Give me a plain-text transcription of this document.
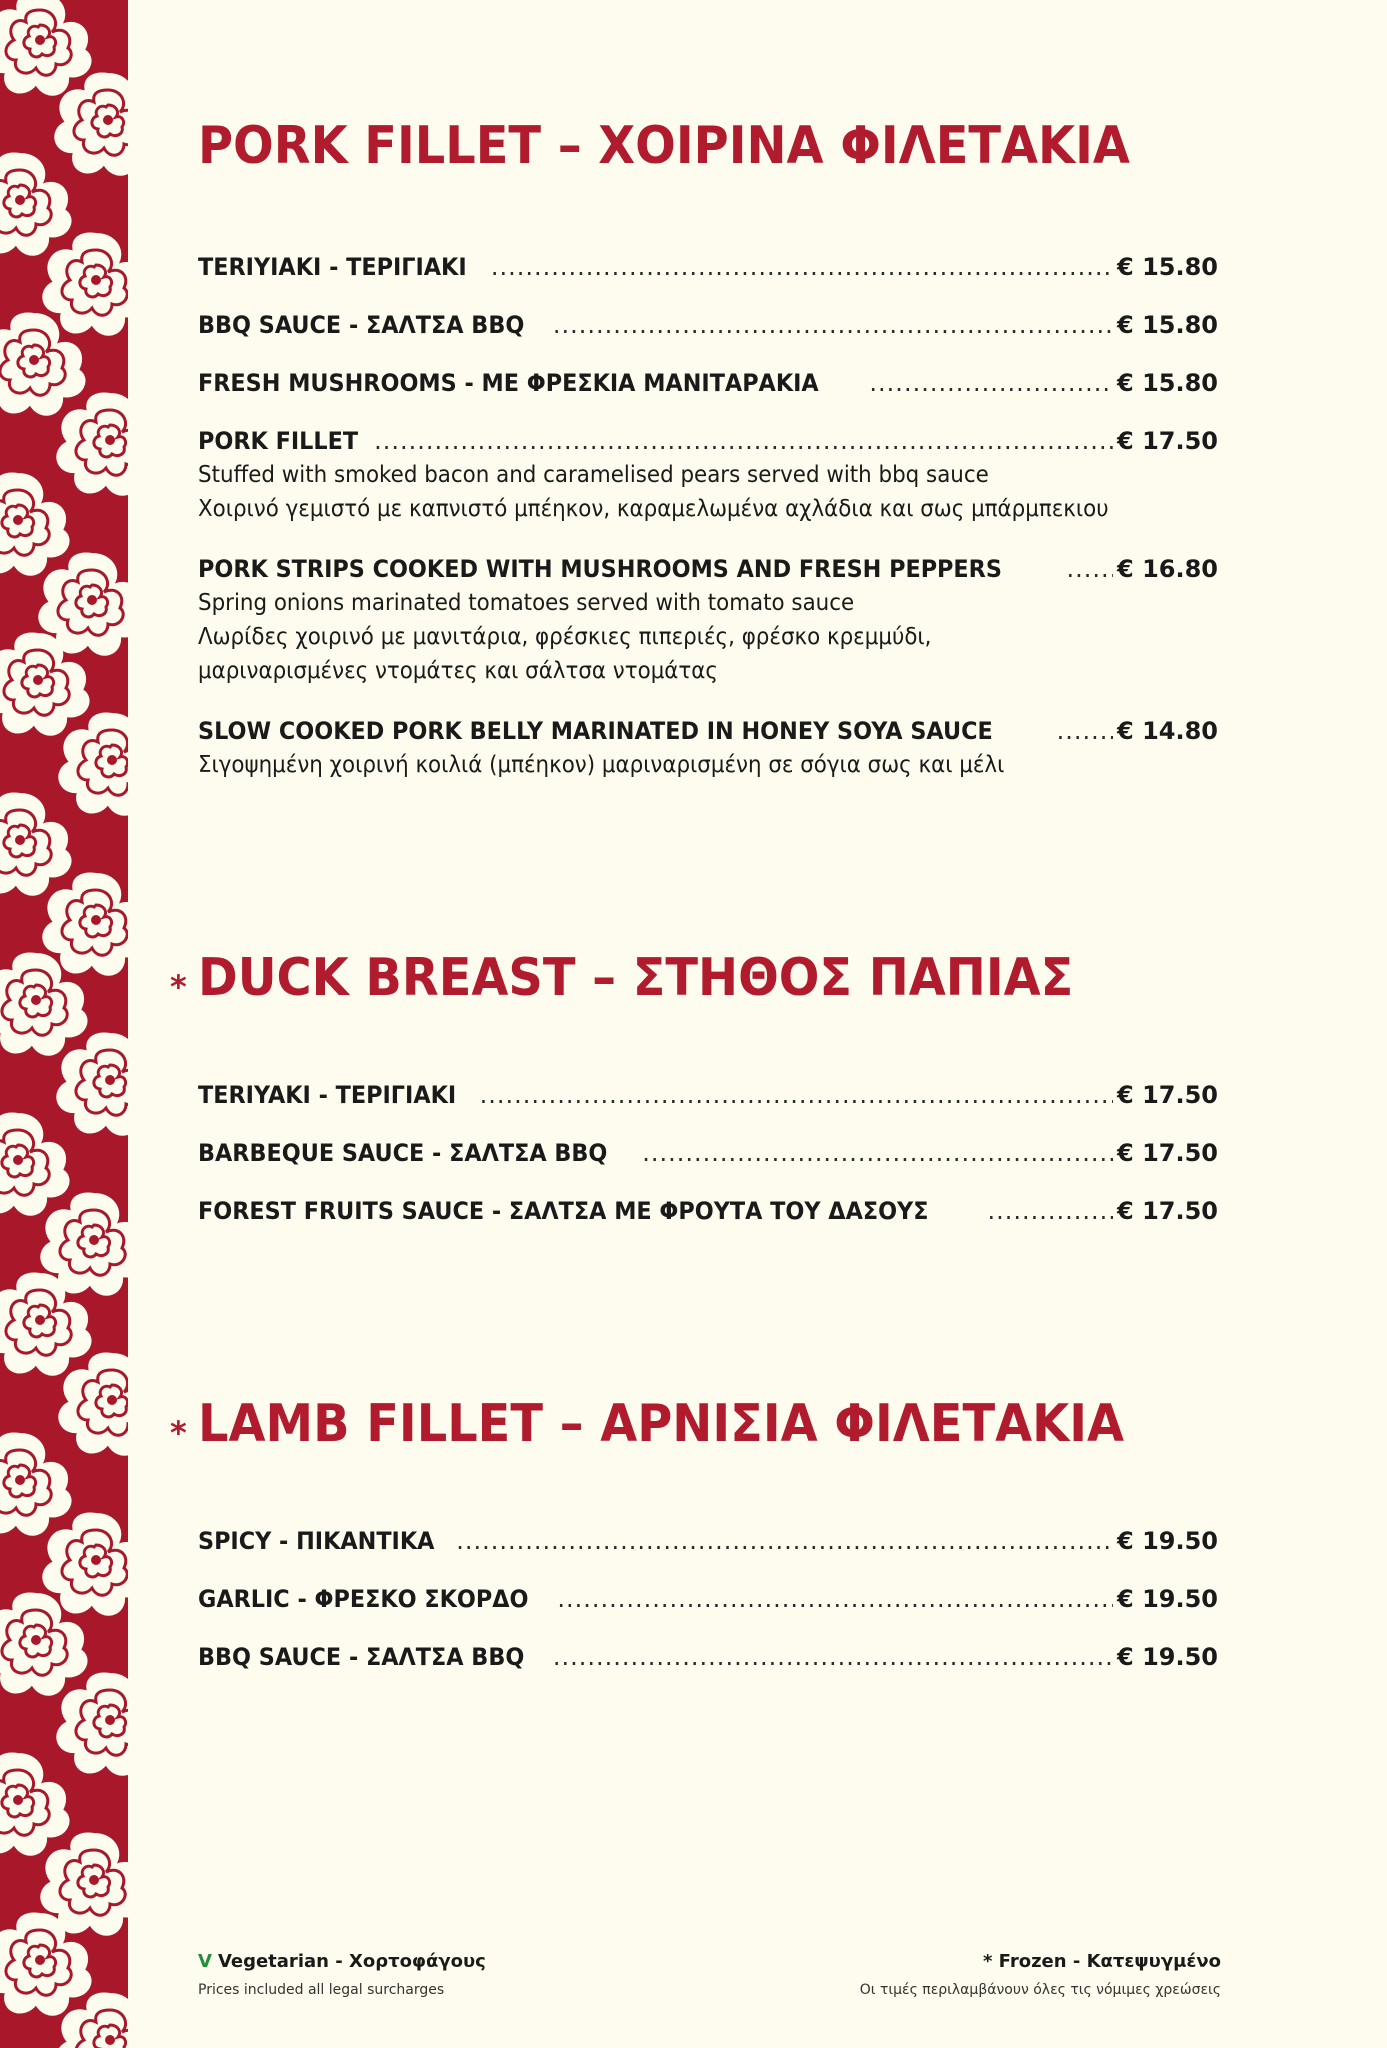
PORK FILLET – ΧΟΙΡΙΝΑ ΦΙΛΕΤΑΚΙΑ
TERIYIAKI - ΤΕΡΙΓΙΑΚΙ .....	€ 15.80
BBQ SAUCE - ΣΑΛΤΣΑ BBQ .....	€ 15.80
FRESH MUSHROOMS - ΜΕ ΦΡΕΣΚΙΑ ΜΑΝΙΤΑΡΑΚΙΑ .....	€ 15.80
PORK FILLET .....	€ 17.50
Stuffed with smoked bacon and caramelised pears served with bbq sauce
Χοιρινό γεμιστό με καπνιστό μπέηκον, καραμελωμένα αχλάδια και σως μπάρμπεκιου
PORK STRIPS COOKED WITH MUSHROOMS AND FRESH PEPPERS .....	€ 16.80
Spring onions marinated tomatoes served with tomato sauce
Λωρίδες χοιρινό με μανιτάρια, φρέσκιες πιπεριές, φρέσκο κρεμμύδι,
μαριναρισμένες ντομάτες και σάλτσα ντομάτας
SLOW COOKED PORK BELLY MARINATED IN HONEY SOYA SAUCE .....	€ 14.80
Σιγοψημένη χοιρινή κοιλιά (μπέηκον) μαριναρισμένη σε σόγια σως και μέλι
* DUCK BREAST – ΣΤΗΘΟΣ ΠΑΠΙΑΣ
TERIYAKI - ΤΕΡΙΓΙΑΚΙ .....	€ 17.50
BARBEQUE SAUCE - ΣΑΛΤΣΑ BBQ .....	€ 17.50
FOREST FRUITS SAUCE - ΣΑΛΤΣΑ ΜΕ ΦΡΟΥΤΑ ΤΟΥ ΔΑΣΟΥΣ .....	€ 17.50
* LAMB FILLET – ΑΡΝΙΣΙΑ ΦΙΛΕΤΑΚΙΑ
SPICY - ΠΙΚΑΝΤΙΚΑ .....	€ 19.50
GARLIC - ΦΡΕΣΚΟ ΣΚΟΡΔΟ .....	€ 19.50
BBQ SAUCE - ΣΑΛΤΣΑ BBQ .....	€ 19.50
V Vegetarian - Χορτοφάγους
Prices included all legal surcharges
* Frozen - Κατεψυγμένο
Οι τιμές περιλαμβάνουν όλες τις νόμιμες χρεώσεις
